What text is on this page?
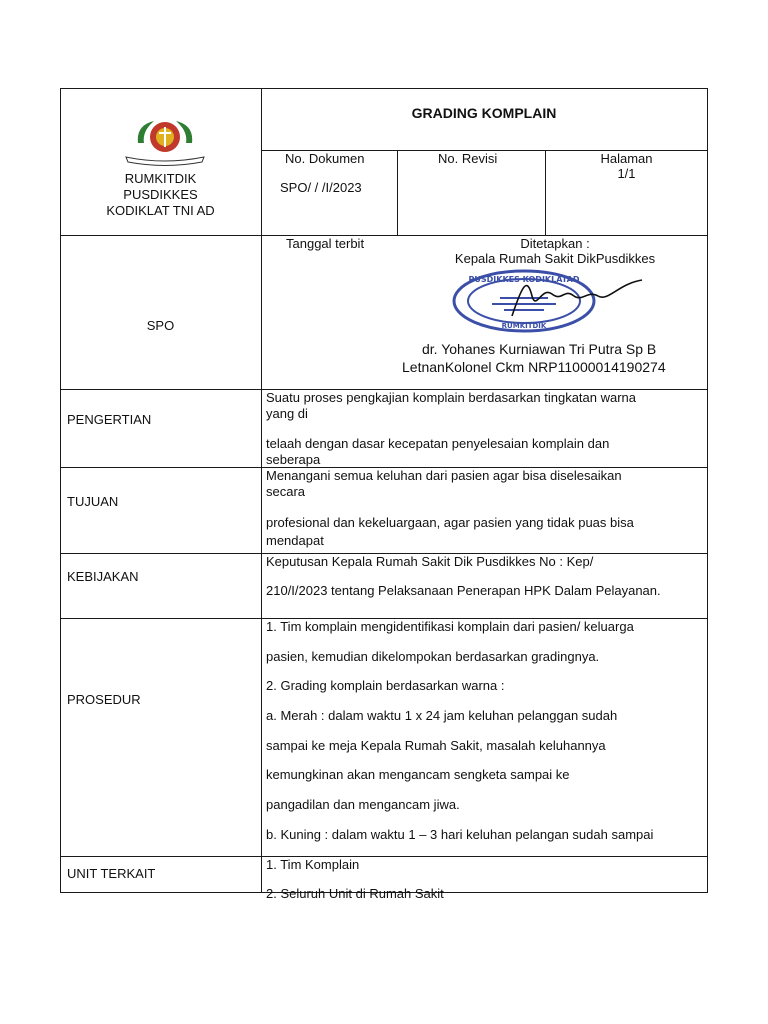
RUMKITDIK
PUSDIKKES
KODIKLAT TNI AD
GRADING KOMPLAIN
No. Dokumen
SPO/ / /I/2023
No. Revisi	Halaman
1/1
SPO
Tanggal terbit	Ditetapkan :
Kepala Rumah Sakit DikPusdikkes
PUSDIKKES KODIKLATAD
RUMKITDIK
dr. Yohanes Kurniawan Tri Putra Sp B
LetnanKolonel Ckm NRP11000014190274
PENGERTIAN
Suatu proses pengkajian komplain berdasarkan tingkatan warna
yang di
telaah dengan dasar kecepatan penyelesaian komplain dan
seberapa
TUJUAN
Menangani semua keluhan dari pasien agar bisa diselesaikan
secara
profesional dan kekeluargaan, agar pasien yang tidak puas bisa
mendapat
KEBIJAKAN
Keputusan Kepala Rumah Sakit Dik Pusdikkes No : Kep/
210/I/2023 tentang Pelaksanaan Penerapan HPK Dalam Pelayanan.
PROSEDUR
1. Tim komplain mengidentifikasi komplain dari pasien/ keluarga
pasien, kemudian dikelompokan berdasarkan gradingnya.
2. Grading komplain berdasarkan warna :
a. Merah : dalam waktu 1 x 24 jam keluhan pelanggan sudah
sampai ke meja Kepala Rumah Sakit, masalah keluhannya
kemungkinan akan mengancam sengketa sampai ke
pangadilan dan mengancam jiwa.
b. Kuning : dalam waktu 1 – 3 hari keluhan pelangan sudah sampai
UNIT TERKAIT
1. Tim Komplain
2. Seluruh Unit di Rumah Sakit
